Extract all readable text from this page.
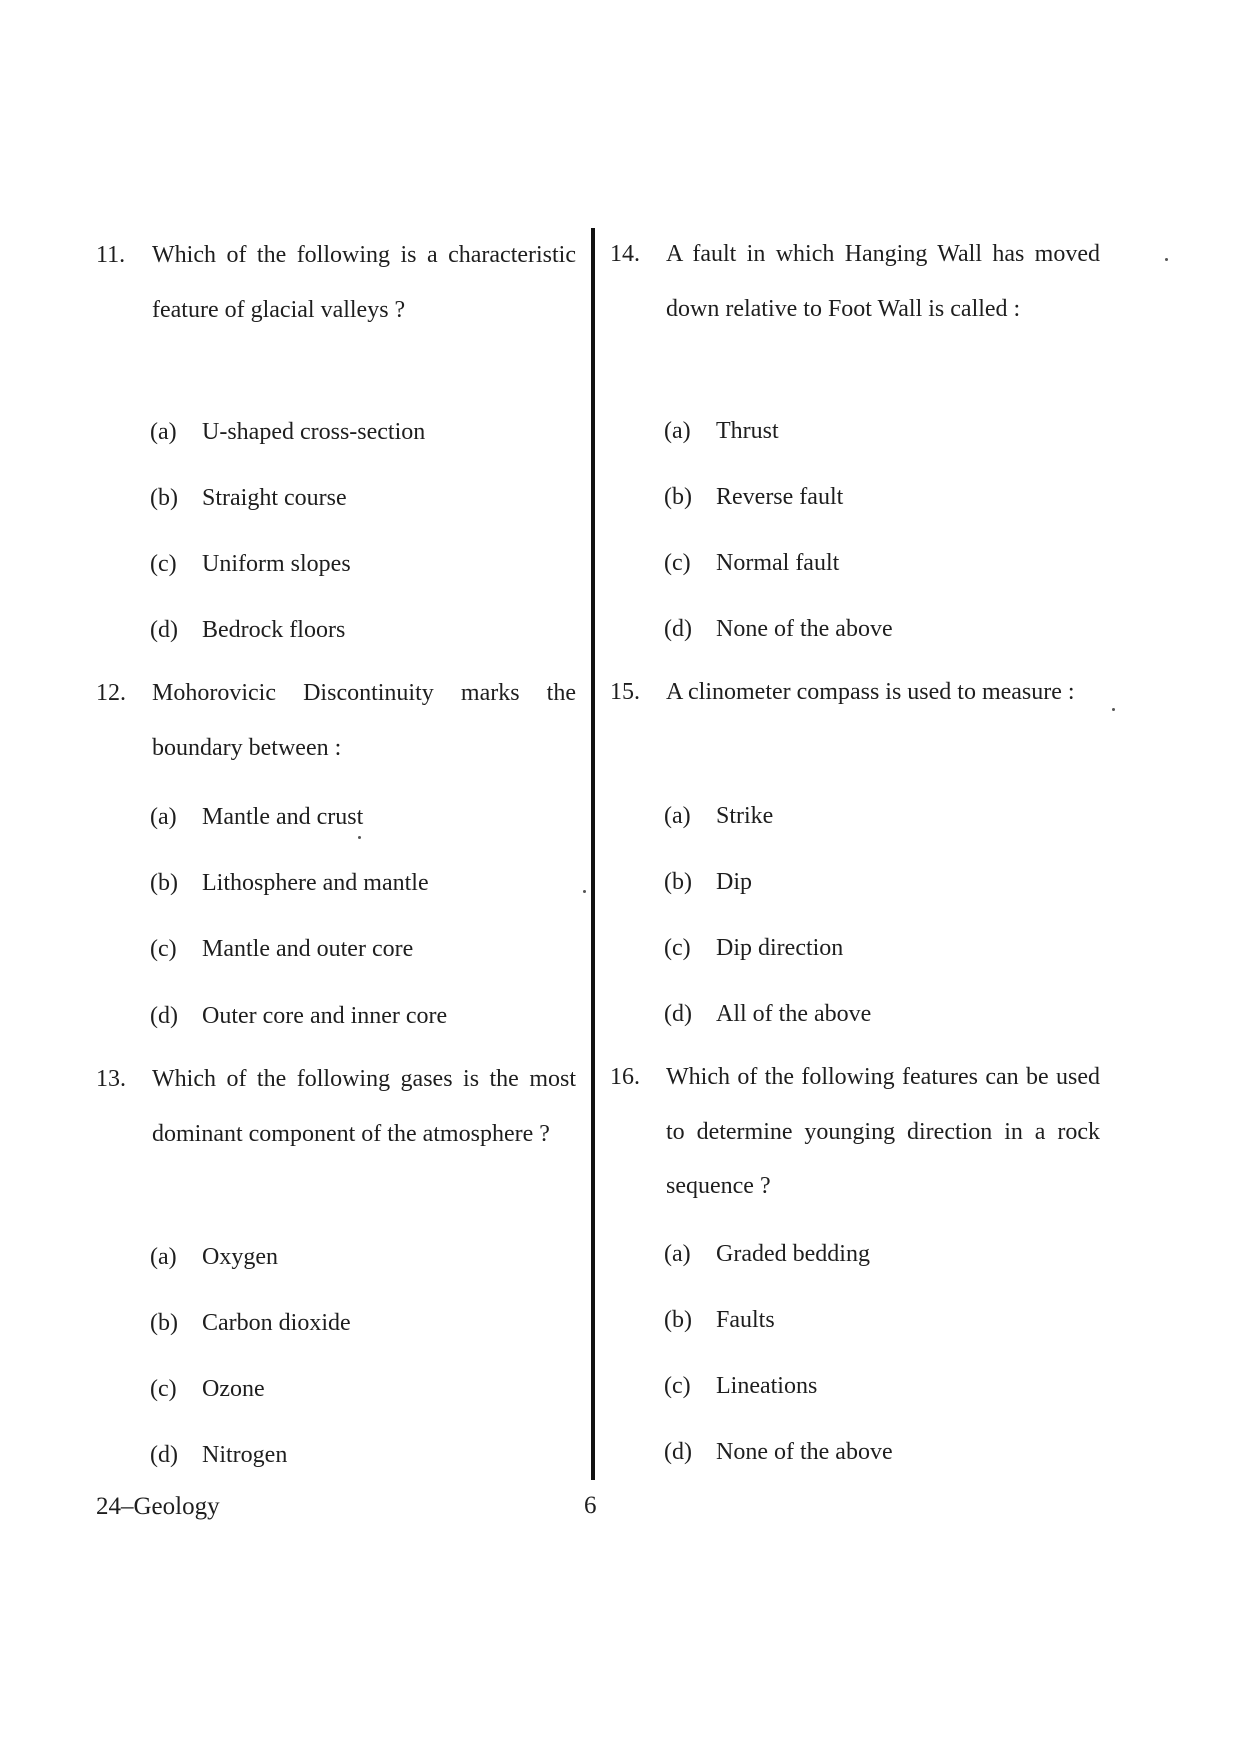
11. Which of the following is a characteristic feature of glacial valleys ?
(a) U-shaped cross-section
(b) Straight course
(c) Uniform slopes
(d) Bedrock floors
12. Mohorovicic Discontinuity marks the boundary between :
(a) Mantle and crust
(b) Lithosphere and mantle
(c) Mantle and outer core
(d) Outer core and inner core
13. Which of the following gases is the most dominant component of the atmosphere ?
(a) Oxygen
(b) Carbon dioxide
(c) Ozone
(d) Nitrogen
14. A fault in which Hanging Wall has moved down relative to Foot Wall is called :
(a) Thrust
(b) Reverse fault
(c) Normal fault
(d) None of the above
15. A clinometer compass is used to measure :
(a) Strike
(b) Dip
(c) Dip direction
(d) All of the above
16. Which of the following features can be used to determine younging direction in a rock sequence ?
(a) Graded bedding
(b) Faults
(c) Lineations
(d) None of the above
24–Geology	6
